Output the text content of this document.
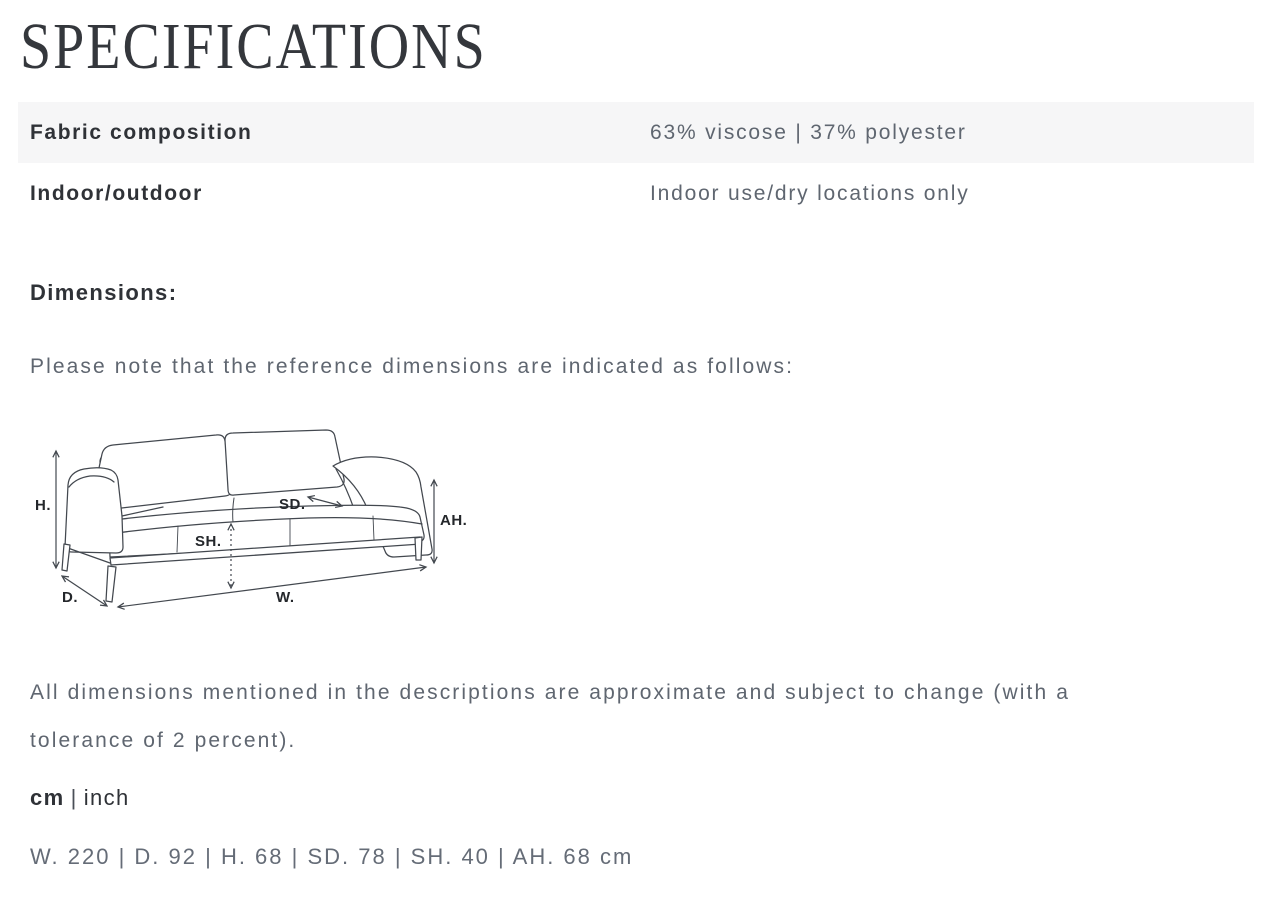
SPECIFICATIONS
Fabric composition	63% viscose | 37% polyester
Indoor/outdoor	Indoor use/dry locations only
Dimensions:

Please note that the reference dimensions are indicated as follows:

H.
D.	W.
SH.
SD.
AH.

All dimensions mentioned in the descriptions are approximate and subject to change (with a
tolerance of 2 percent).

cm | inch

W. 220 | D. 92 | H. 68 | SD. 78 | SH. 40 | AH. 68 cm
